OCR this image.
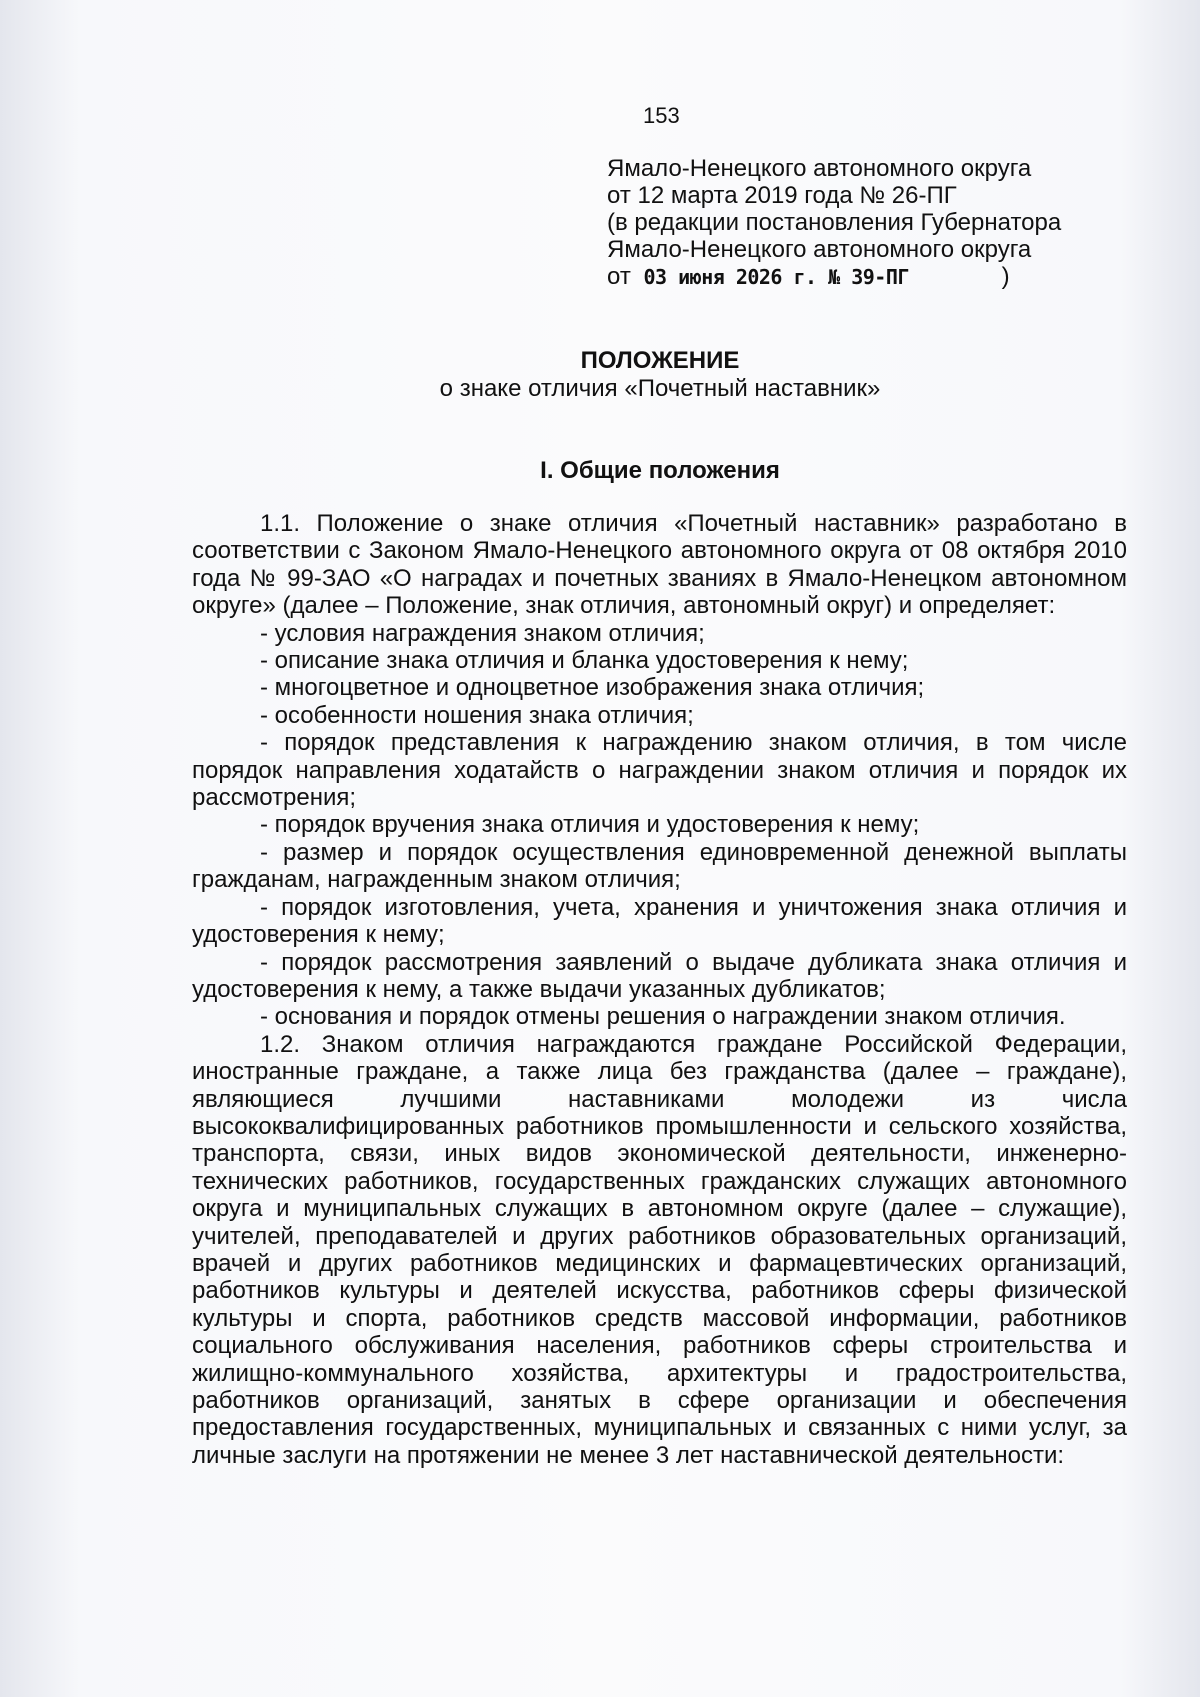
153
Ямало-Ненецкого автономного округа
от 12 марта 2019 года № 26-ПГ
(в редакции постановления Губернатора
Ямало-Ненецкого автономного округа
от 03 июня 2026 г. № 39-ПГ	)
ПОЛОЖЕНИЕ
о знаке отличия «Почетный наставник»
I. Общие положения

1.1. Положение о знаке отличия «Почетный наставник» разработано в соответствии с Законом Ямало-Ненецкого автономного округа от 08 октября 2010 года № 99-ЗАО «О наградах и почетных званиях в Ямало-Ненецком автономном округе» (далее – Положение, знак отличия, автономный округ) и определяет:

- условия награждения знаком отличия;

- описание знака отличия и бланка удостоверения к нему;

- многоцветное и одноцветное изображения знака отличия;

- особенности ношения знака отличия;

- порядок представления к награждению знаком отличия, в том числе порядок направления ходатайств о награждении знаком отличия и порядок их рассмотрения;

- порядок вручения знака отличия и удостоверения к нему;

- размер и порядок осуществления единовременной денежной выплаты гражданам, награжденным знаком отличия;

- порядок изготовления, учета, хранения и уничтожения знака отличия и удостоверения к нему;

- порядок рассмотрения заявлений о выдаче дубликата знака отличия и удостоверения к нему, а также выдачи указанных дубликатов;

- основания и порядок отмены решения о награждении знаком отличия.

1.2. Знаком отличия награждаются граждане Российской Федерации, иностранные граждане, а также лица без гражданства (далее – граждане), являющиеся лучшими наставниками молодежи из числа высококвалифицированных работников промышленности и сельского хозяйства, транспорта, связи, иных видов экономической деятельности, инженерно-технических работников, государственных гражданских служащих автономного округа и муниципальных служащих в автономном округе (далее – служащие), учителей, преподавателей и других работников образовательных организаций, врачей и других работников медицинских и фармацевтических организаций, работников культуры и деятелей искусства, работников сферы физической культуры и спорта, работников средств массовой информации, работников социального обслуживания населения, работников сферы строительства и жилищно-коммунального хозяйства, архитектуры и градостроительства, работников организаций, занятых в сфере организации и обеспечения предоставления государственных, муниципальных и связанных с ними услуг, за личные заслуги на протяжении не менее 3 лет наставнической деятельности:
